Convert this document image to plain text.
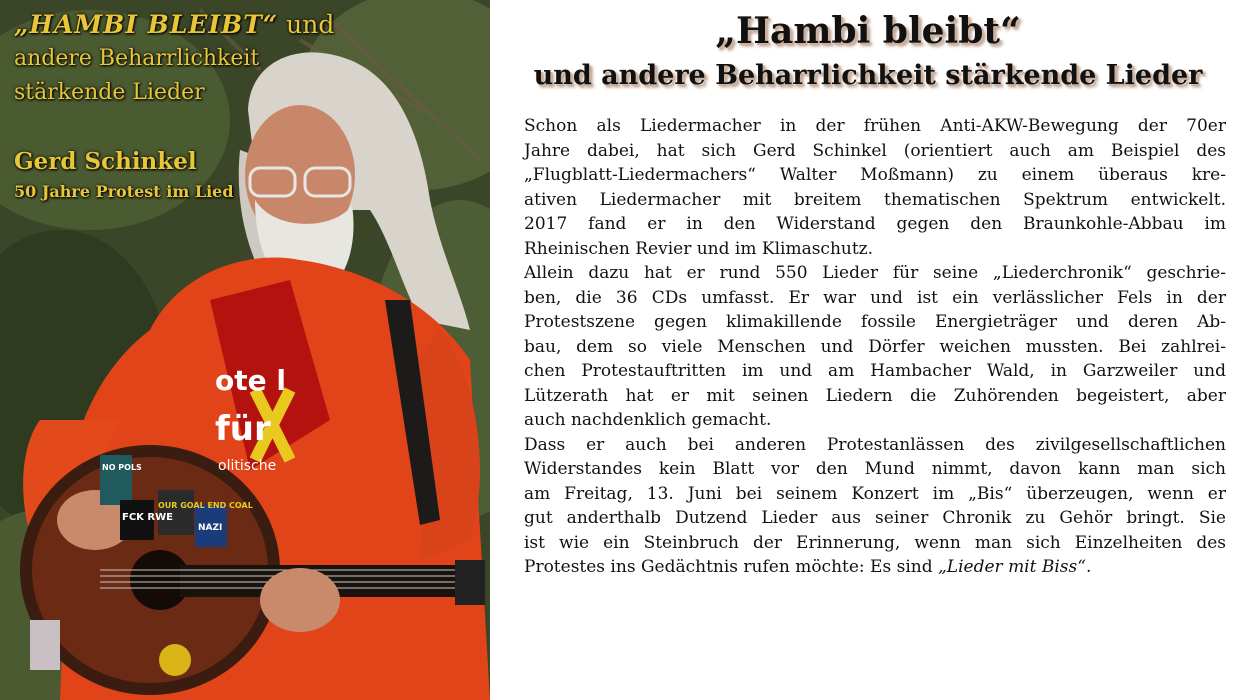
ote l
für
olitische
FCK RWE
OUR GOAL END COAL
NO POLS
NAZI
„HAMBI BLEIBT“ und
andere Beharrlichkeit
stärkende Lieder
Gerd Schinkel
50 Jahre Protest im Lied
„Hambi bleibt“
und andere Beharrlichkeit stärkende Lieder
Schon als Liedermacher in der frühen Anti-AKW-Bewegung der 70er
Jahre dabei, hat sich Gerd Schinkel (orientiert auch am Beispiel des
„Flugblatt-Liedermachers“ Walter Moßmann) zu einem überaus kre-
ativen Liedermacher mit breitem thematischen Spektrum entwickelt.
2017 fand er in den Widerstand gegen den Braunkohle-Abbau im
Rheinischen Revier und im Klimaschutz.
Allein dazu hat er rund 550 Lieder für seine „Liederchronik“ geschrie-
ben, die 36 CDs umfasst. Er war und ist ein verlässlicher Fels in der
Protestszene gegen klimakillende fossile Energieträger und deren Ab-
bau, dem so viele Menschen und Dörfer weichen mussten. Bei zahlrei-
chen Protestauftritten im und am Hambacher Wald, in Garzweiler und
Lützerath hat er mit seinen Liedern die Zuhörenden begeistert, aber
auch nachdenklich gemacht.
Dass er auch bei anderen Protestanlässen des zivilgesellschaftlichen
Widerstandes kein Blatt vor den Mund nimmt, davon kann man sich
am Freitag, 13. Juni bei seinem Konzert im „Bis“ überzeugen, wenn er
gut anderthalb Dutzend Lieder aus seiner Chronik zu Gehör bringt. Sie
ist wie ein Steinbruch der Erinnerung, wenn man sich Einzelheiten des
Protestes ins Gedächtnis rufen möchte: Es sind „Lieder mit Biss“.
